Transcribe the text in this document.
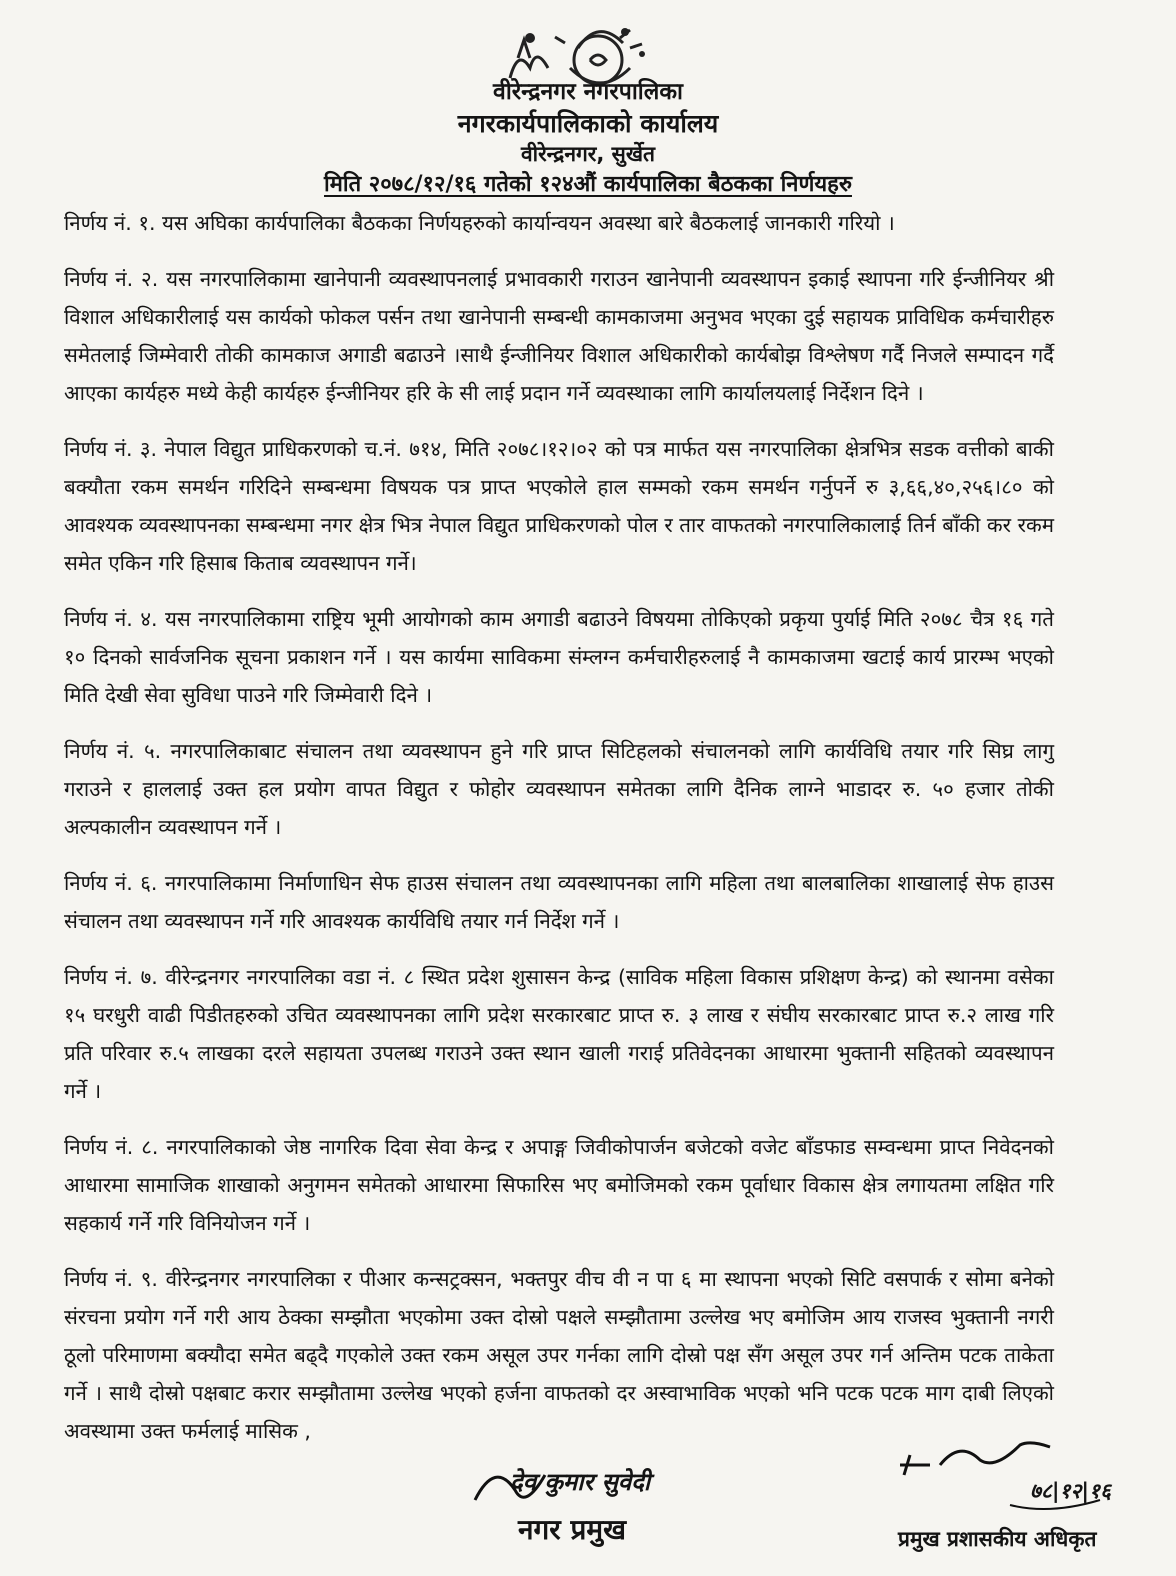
वीरेन्द्रनगर नगरपालिका
नगरकार्यपालिकाको कार्यालय
वीरेन्द्रनगर, सुर्खेत
मिति २०७८/१२/१६ गतेको १२४औं कार्यपालिका बैठकका निर्णयहरु

निर्णय नं. १. यस अघिका कार्यपालिका बैठकका निर्णयहरुको कार्यान्वयन अवस्था बारे बैठकलाई जानकारी गरियो ।

निर्णय नं. २. यस नगरपालिकामा खानेपानी व्यवस्थापनलाई प्रभावकारी गराउन खानेपानी व्यवस्थापन इकाई स्थापना गरि ईन्जीनियर श्री विशाल अधिकारीलाई यस कार्यको फोकल पर्सन तथा खानेपानी सम्बन्धी कामकाजमा अनुभव भएका दुई सहायक प्राविधिक कर्मचारीहरु समेतलाई जिम्मेवारी तोकी कामकाज अगाडी बढाउने ।साथै ईन्जीनियर विशाल अधिकारीको कार्यबोझ विश्लेषण गर्दै निजले सम्पादन गर्दै आएका कार्यहरु मध्ये केही कार्यहरु ईन्जीनियर हरि के सी लाई प्रदान गर्ने व्यवस्थाका लागि कार्यालयलाई निर्देशन दिने ।

निर्णय नं. ३. नेपाल विद्युत प्राधिकरणको च.नं. ७१४, मिति २०७८।१२।०२ को पत्र मार्फत यस नगरपालिका क्षेत्रभित्र सडक वत्तीको बाकी बक्यौता रकम समर्थन गरिदिने सम्बन्धमा विषयक पत्र प्राप्त भएकोले हाल सम्मको रकम समर्थन गर्नुपर्ने रु ३,६६,४०,२५६।८० को आवश्यक व्यवस्थापनका सम्बन्धमा नगर क्षेत्र भित्र नेपाल विद्युत प्राधिकरणको पोल र तार वाफतको नगरपालिकालाई तिर्न बाँकी कर रकम समेत एकिन गरि हिसाब किताब व्यवस्थापन गर्ने।

निर्णय नं. ४. यस नगरपालिकामा राष्ट्रिय भूमी आयोगको काम अगाडी बढाउने विषयमा तोकिएको प्रकृया पुर्याई मिति २०७८ चैत्र १६ गते १० दिनको सार्वजनिक सूचना प्रकाशन गर्ने । यस कार्यमा साविकमा संम्लग्न कर्मचारीहरुलाई नै कामकाजमा खटाई कार्य प्रारम्भ भएको मिति देखी सेवा सुविधा पाउने गरि जिम्मेवारी दिने ।

निर्णय नं. ५. नगरपालिकाबाट संचालन तथा व्यवस्थापन हुने गरि प्राप्त सिटिहलको संचालनको लागि कार्यविधि तयार गरि सिघ्र लागु गराउने र हाललाई उक्त हल प्रयोग वापत विद्युत र फोहोर व्यवस्थापन समेतका लागि दैनिक लाग्ने भाडादर रु. ५० हजार तोकी अल्पकालीन व्यवस्थापन गर्ने ।

निर्णय नं. ६. नगरपालिकामा निर्माणाधिन सेफ हाउस संचालन तथा व्यवस्थापनका लागि महिला तथा बालबालिका शाखालाई सेफ हाउस संचालन तथा व्यवस्थापन गर्ने गरि आवश्यक कार्यविधि तयार गर्न निर्देश गर्ने ।

निर्णय नं. ७. वीरेन्द्रनगर नगरपालिका वडा नं. ८ स्थित प्रदेश शुसासन केन्द्र (साविक महिला विकास प्रशिक्षण केन्द्र) को स्थानमा वसेका १५ घरधुरी वाढी पिडीतहरुको उचित व्यवस्थापनका लागि प्रदेश सरकारबाट प्राप्त रु. ३ लाख र संघीय सरकारबाट प्राप्त रु.२ लाख गरि प्रति परिवार रु.५ लाखका दरले सहायता उपलब्ध गराउने उक्त स्थान खाली गराई प्रतिवेदनका आधारमा भुक्तानी सहितको व्यवस्थापन गर्ने ।

निर्णय नं. ८. नगरपालिकाको जेष्ठ नागरिक दिवा सेवा केन्द्र र अपाङ्ग जिवीकोपार्जन बजेटको वजेट बाँडफाड सम्वन्धमा प्राप्त निवेदनको आधारमा सामाजिक शाखाको अनुगमन समेतको आधारमा सिफारिस भए बमोजिमको रकम पूर्वाधार विकास क्षेत्र लगायतमा लक्षित गरि सहकार्य गर्ने गरि विनियोजन गर्ने ।

निर्णय नं. ९. वीरेन्द्रनगर नगरपालिका र पीआर कन्सट्रक्सन, भक्तपुर वीच वी न पा ६ मा स्थापना भएको सिटि वसपार्क र सोमा बनेको संरचना प्रयोग गर्ने गरी आय ठेक्का सम्झौता भएकोमा उक्त दोस्रो पक्षले सम्झौतामा उल्लेख भए बमोजिम आय राजस्व भुक्तानी नगरी ठूलो परिमाणमा बक्यौदा समेत बढ्दै गएकोले उक्त रकम असूल उपर गर्नका लागि दोस्रो पक्ष सँग असूल उपर गर्न अन्तिम पटक ताकेता गर्ने । साथै दोस्रो पक्षबाट करार सम्झौतामा उल्लेख भएको हर्जना वाफतको दर अस्वाभाविक भएको भनि पटक पटक माग दाबी लिएको अवस्थामा उक्त फर्मलाई मासिक ,

देव कुमार सुवेदी
नगर प्रमुख
७८|१२|१६
प्रमुख प्रशासकीय अधिकृत
